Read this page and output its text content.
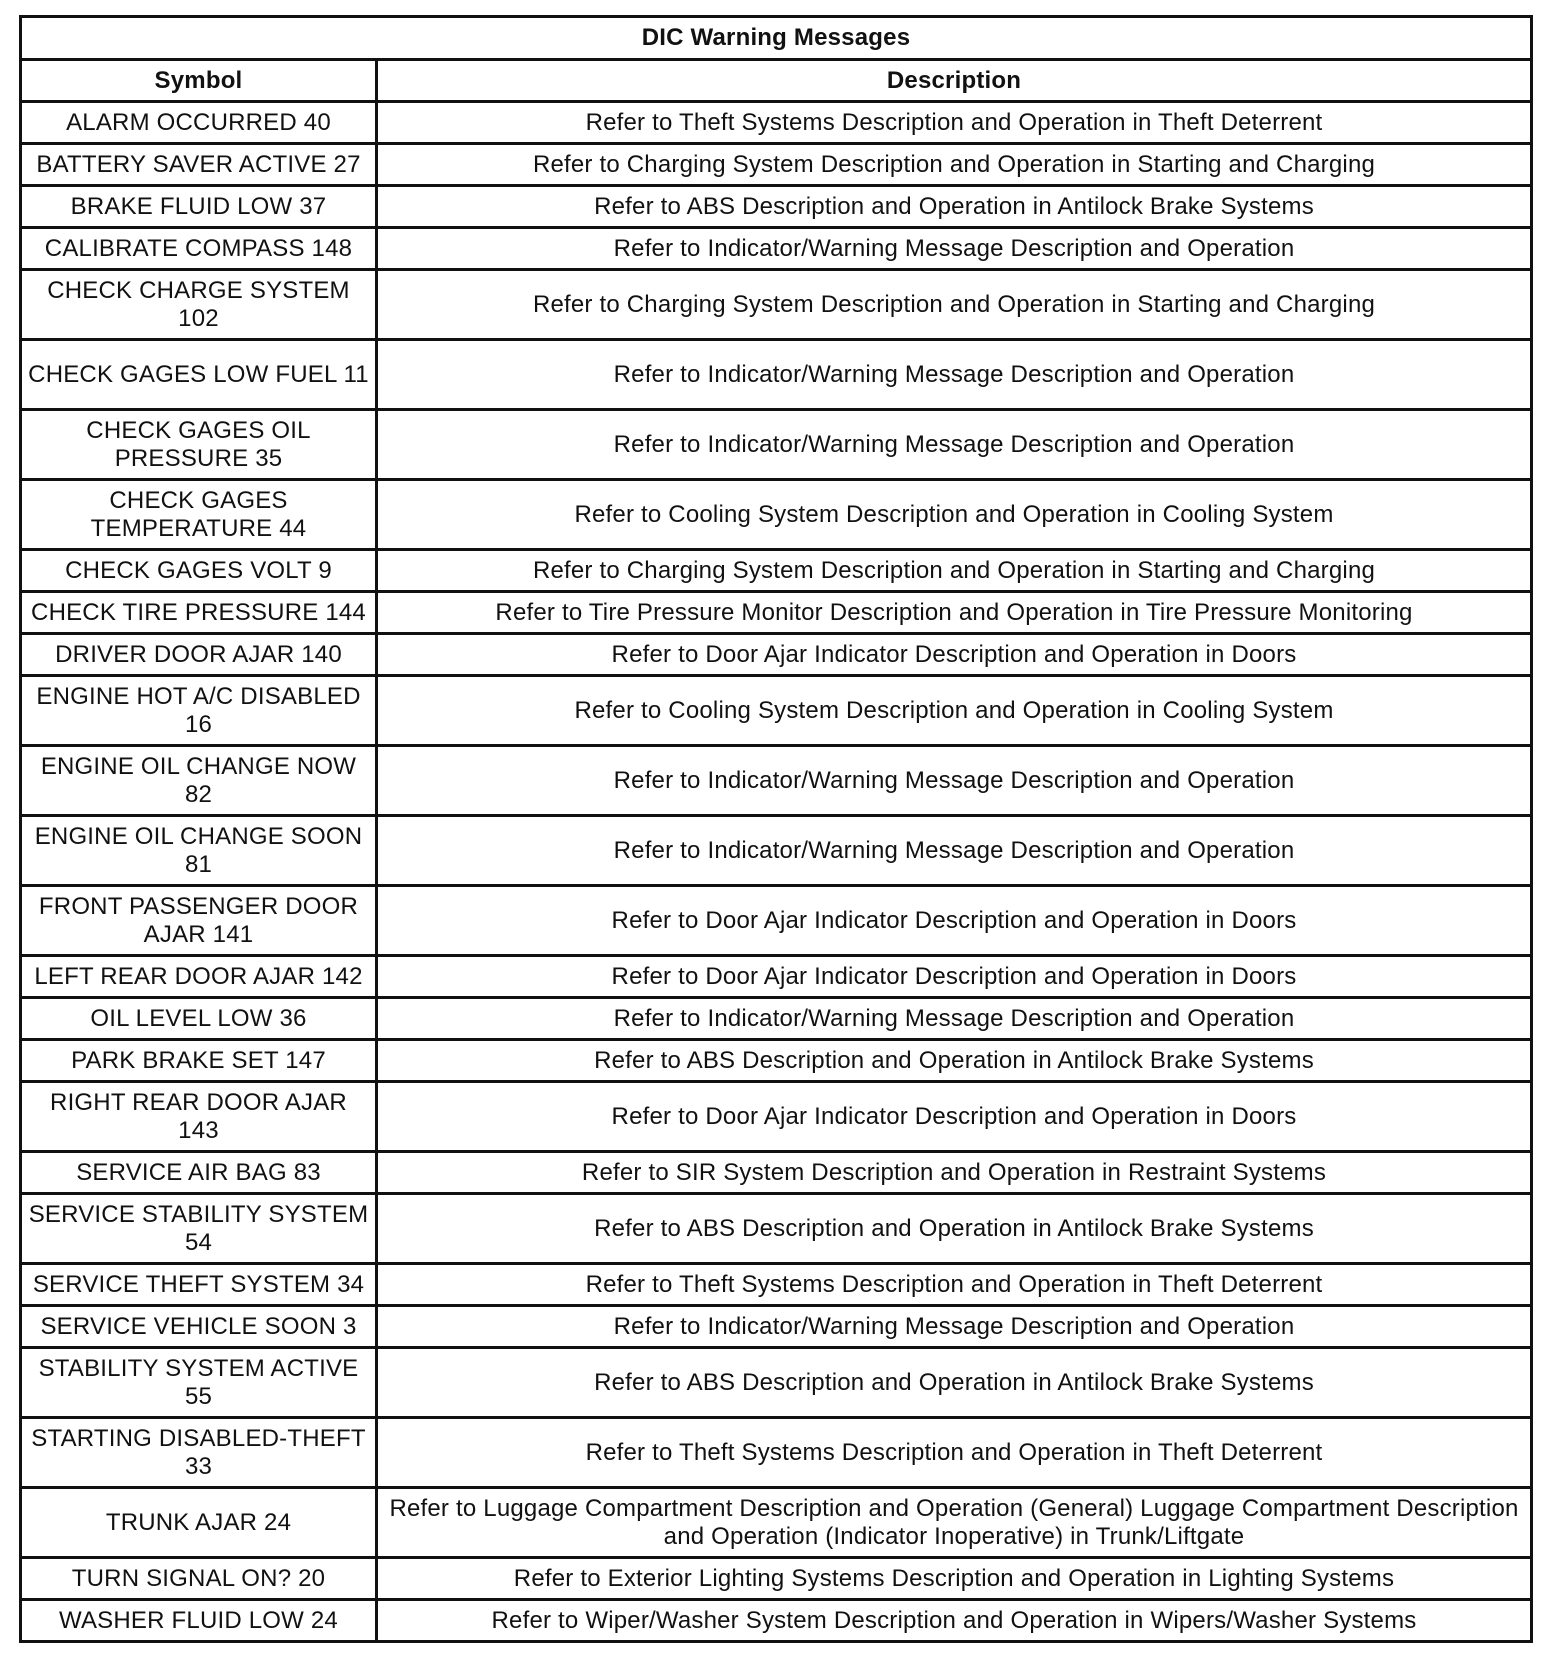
DIC Warning Messages	
Symbol	Description
ALARM OCCURRED 40	Refer to Theft Systems Description and Operation in Theft Deterrent
BATTERY SAVER ACTIVE 27	Refer to Charging System Description and Operation in Starting and Charging
BRAKE FLUID LOW 37	Refer to ABS Description and Operation in Antilock Brake Systems
CALIBRATE COMPASS 148	Refer to Indicator/Warning Message Description and Operation
CHECK CHARGE SYSTEM 102	Refer to Charging System Description and Operation in Starting and Charging
CHECK GAGES LOW FUEL 11	Refer to Indicator/Warning Message Description and Operation
CHECK GAGES OIL PRESSURE 35	Refer to Indicator/Warning Message Description and Operation
CHECK GAGES TEMPERATURE 44	Refer to Cooling System Description and Operation in Cooling System
CHECK GAGES VOLT 9	Refer to Charging System Description and Operation in Starting and Charging
CHECK TIRE PRESSURE 144	Refer to Tire Pressure Monitor Description and Operation in Tire Pressure Monitoring
DRIVER DOOR AJAR 140	Refer to Door Ajar Indicator Description and Operation in Doors
ENGINE HOT A/C DISABLED 16	Refer to Cooling System Description and Operation in Cooling System
ENGINE OIL CHANGE NOW 82	Refer to Indicator/Warning Message Description and Operation
ENGINE OIL CHANGE SOON 81	Refer to Indicator/Warning Message Description and Operation
FRONT PASSENGER DOOR AJAR 141	Refer to Door Ajar Indicator Description and Operation in Doors
LEFT REAR DOOR AJAR 142	Refer to Door Ajar Indicator Description and Operation in Doors
OIL LEVEL LOW 36	Refer to Indicator/Warning Message Description and Operation
PARK BRAKE SET 147	Refer to ABS Description and Operation in Antilock Brake Systems
RIGHT REAR DOOR AJAR 143	Refer to Door Ajar Indicator Description and Operation in Doors
SERVICE AIR BAG 83	Refer to SIR System Description and Operation in Restraint Systems
SERVICE STABILITY SYSTEM 54	Refer to ABS Description and Operation in Antilock Brake Systems
SERVICE THEFT SYSTEM 34	Refer to Theft Systems Description and Operation in Theft Deterrent
SERVICE VEHICLE SOON 3	Refer to Indicator/Warning Message Description and Operation
STABILITY SYSTEM ACTIVE 55	Refer to ABS Description and Operation in Antilock Brake Systems
STARTING DISABLED-THEFT 33	Refer to Theft Systems Description and Operation in Theft Deterrent
TRUNK AJAR 24	Refer to Luggage Compartment Description and Operation (General) Luggage Compartment Description and Operation (Indicator Inoperative) in Trunk/Liftgate
TURN SIGNAL ON? 20	Refer to Exterior Lighting Systems Description and Operation in Lighting Systems
WASHER FLUID LOW 24	Refer to Wiper/Washer System Description and Operation in Wipers/Washer Systems
